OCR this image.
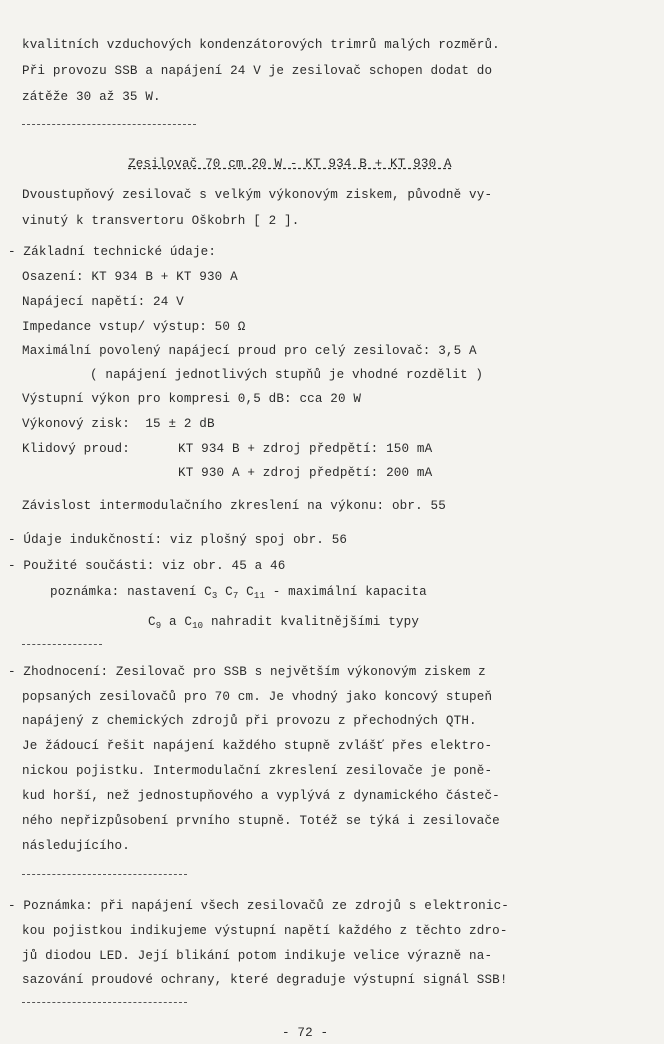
kvalitních vzduchových kondenzátorových trimrů malých rozměrů.
Při provozu SSB a napájení 24 V je zesilovač schopen dodat do
zátěže 30 až 35 W.
Zesilovač 70 cm 20 W - KT 934 B + KT 930 A
Dvoustupňový zesilovač s velkým výkonovým ziskem, původně vy-
vinutý k transvertoru Oškobrh [ 2 ].
- Základní technické údaje:
Osazení: KT 934 B + KT 930 A
Napájecí napětí: 24 V
Impedance vstup/ výstup: 50 Ω
Maximální povolený napájecí proud pro celý zesilovač: 3,5 A
( napájení jednotlivých stupňů je vhodné rozdělit )
Výstupní výkon pro kompresi 0,5 dB: cca 20 W
Výkonový zisk:  15 ± 2 dB
Klidový proud:	KT 934 B + zdroj předpětí: 150 mA
KT 930 A + zdroj předpětí: 200 mA
Závislost intermodulačního zkreslení na výkonu: obr. 55
- Údaje indukčností: viz plošný spoj obr. 56
- Použité součásti: viz obr. 45 a 46
poznámka: nastavení $C_3$ $C_7$ $C_{11}$ - maximální kapacita
$C_9$ a $C_{10}$ nahradit kvalitnějšími typy
- Zhodnocení: Zesilovač pro SSB s největším výkonovým ziskem z
popsaných zesilovačů pro 70 cm. Je vhodný jako koncový stupeň
napájený z chemických zdrojů při provozu z přechodných QTH.
Je žádoucí řešit napájení každého stupně zvlášť přes elektro-
nickou pojistku. Intermodulační zkreslení zesilovače je poně-
kud horší, než jednostupňového a vyplývá z dynamického částeč-
ného nepřizpůsobení prvního stupně. Totéž se týká i zesilovače
následujícího.
- Poznámka: při napájení všech zesilovačů ze zdrojů s elektronic-
kou pojistkou indikujeme výstupní napětí každého z těchto zdro-
jů diodou LED. Její blikání potom indikuje velice výrazně na-
sazování proudové ochrany, které degraduje výstupní signál SSB!
- 72 -
